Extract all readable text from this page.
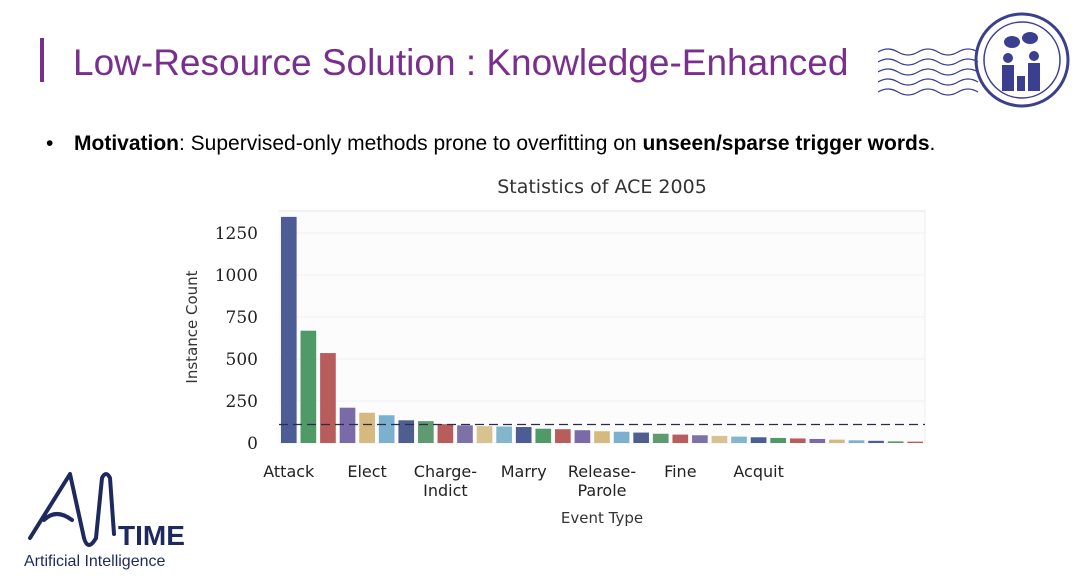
Low-Resource Solution : Knowledge-Enhanced
• Motivation: Supervised-only methods prone to overfitting on unseen/sparse trigger words.
0
250
500
750
1000
1250
Attack Elect Charge-
Indict
Marry Release-
Parole
Fine Acquit
Statistics of ACE 2005
Event Type
Instance Count
TIME
Artificial Intelligence
